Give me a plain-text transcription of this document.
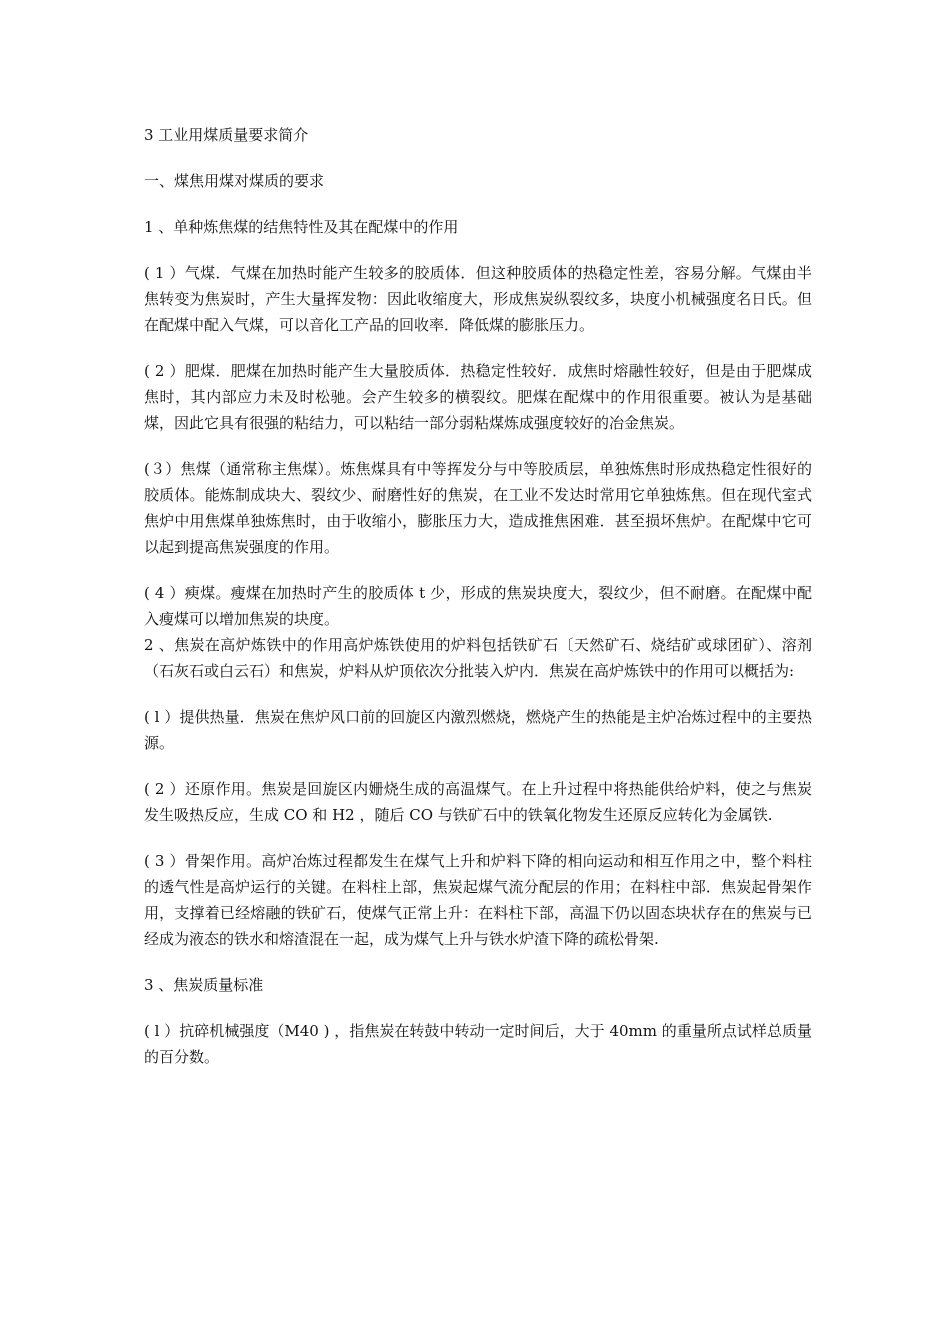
3 工业用煤质量要求简介

一、煤焦用煤对煤质的要求

1 、单种炼焦煤的结焦特性及其在配煤中的作用

( 1 ）气煤．气煤在加热时能产生较多的胶质体．但这种胶质体的热稳定性差，容易分解。气煤由半焦转变为焦炭时，产生大量挥发物：因此收缩度大，形成焦炭纵裂纹多，块度小机械强度名日氏。但在配煤中配入气煤，可以音化工产品的回收率．降低煤的膨胀压力。

( 2 ）肥煤．肥煤在加热时能产生大量胶质体．热稳定性较好．成焦时熔融性较好，但是由于肥煤成焦时，其内部应力未及时松驰。会产生较多的横裂纹。肥煤在配煤中的作用很重要。被认为是基础煤，因此它具有很强的粘结力，可以粘结一部分弱粘煤炼成强度较好的冶金焦炭。

(３）焦煤（通常称主焦煤）。炼焦煤具有中等挥发分与中等胶质层，单独炼焦时形成热稳定性很好的胶质体。能炼制成块大、裂纹少、耐磨性好的焦炭，在工业不发达时常用它单独炼焦。但在现代室式焦炉中用焦煤单独炼焦时，由于收缩小，膨胀压力大，造成推焦困难．甚至损坏焦炉。在配煤中它可以起到提高焦炭强度的作用。

( 4 ）瘐煤。瘦煤在加热时产生的胶质体 t 少，形成的焦炭块度大，裂纹少，但不耐磨。在配煤中配入瘦煤可以增加焦炭的块度。

2 、焦炭在高炉炼铁中的作用高炉炼铁使用的炉料包括铁矿石〔天然矿石、烧结矿或球团矿）、溶剂（石灰石或白云石）和焦炭，炉料从炉顶依次分批装入炉内．焦炭在高炉炼铁中的作用可以概括为:

( l ）提供热量．焦炭在焦炉风口前的回旋区内激烈燃烧，燃烧产生的热能是主炉冶炼过程中的主要热源。

( 2 ）还原作用。焦炭是回旋区内姗烧生成的高温煤气。在上升过程中将热能供给炉料，使之与焦炭发生吸热反应，生成 CO 和 H2 ，随后 CO 与铁矿石中的铁氧化物发生还原反应转化为金属铁.

( 3 ）骨架作用。高炉冶炼过程都发生在煤气上升和炉料下降的相向运动和相互作用之中，整个料柱的透气性是高炉运行的关键。在料柱上部，焦炭起煤气流分配层的作用；在料柱中部．焦炭起骨架作用，支撑着已经熔融的铁矿石，使煤气正常上升：在料柱下部，高温下仍以固态块状存在的焦炭与已经成为液态的铁水和熔渣混在一起，成为煤气上升与铁水炉渣下降的疏松骨架.

3 、焦炭质量标准

( l ）抗碎机械强度（M40 ) ，指焦炭在转鼓中转动一定时间后，大于 40mm 的重量所点试样总质量的百分数。
